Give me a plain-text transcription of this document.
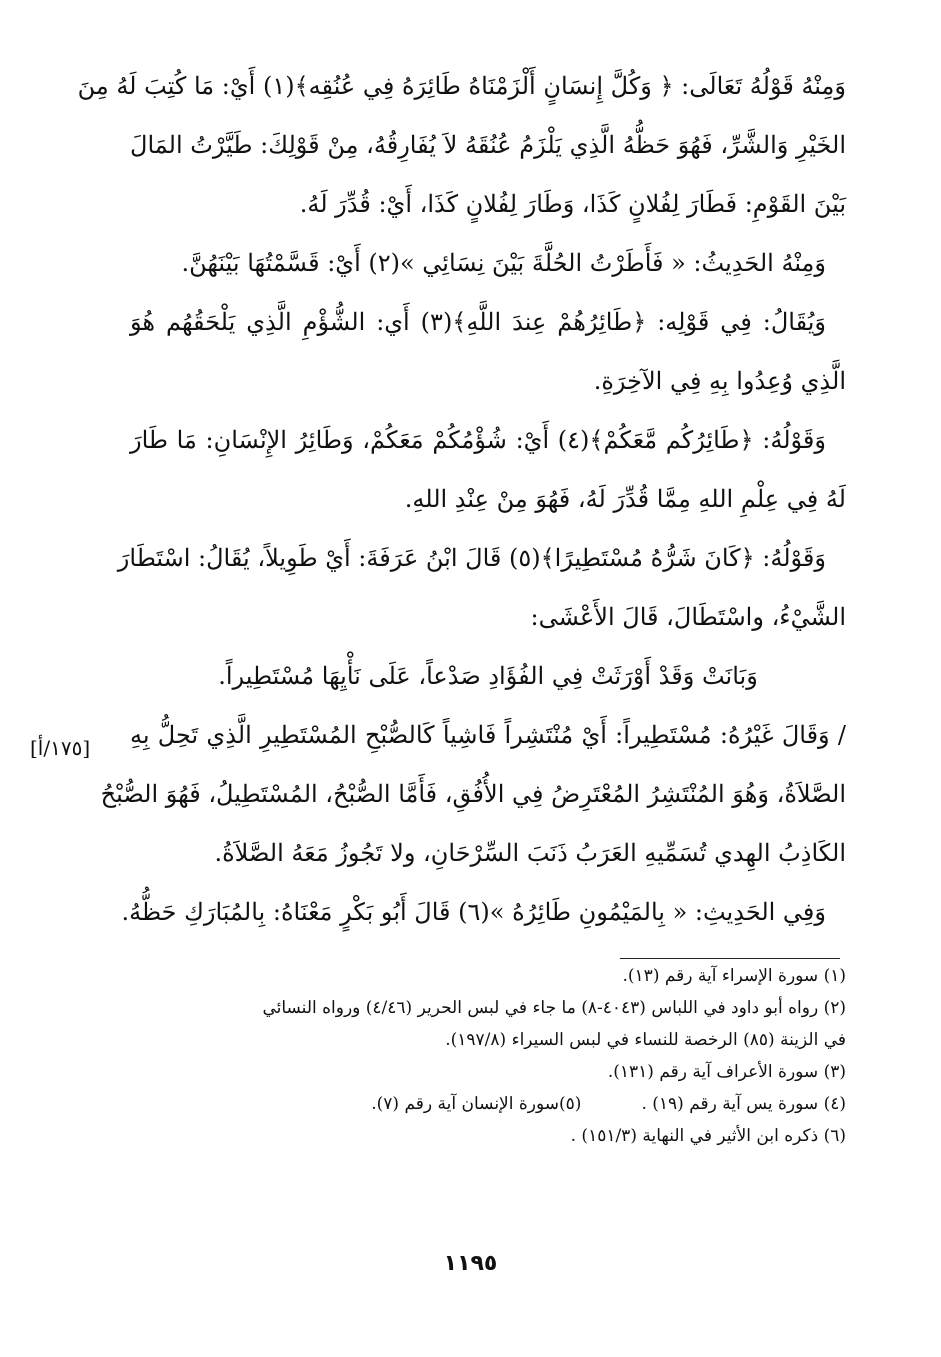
وَمِنْهُ قَوْلُهُ تَعَالَى: ﴿ وَكُلَّ إِنسَانٍ أَلْزَمْنَاهُ طَائِرَهُ فِي عُنُقِه﴾(١) أَيْ: مَا كُتِبَ لَهُ مِنَ
الخَيْرِ وَالشَّرِّ، فَهُوَ حَظُّهُ الَّذِي يَلْزَمُ عُنُقَهُ لاَ يُفَارِقُهُ، مِنْ قَوْلِكَ: طَيَّرْتُ المَالَ
بَيْنَ القَوْمِ: فَطَارَ لِفُلانٍ كَذَا، وَطَارَ لِفُلانٍ كَذَا، أَيْ: قُدِّرَ لَهُ.
وَمِنْهُ الحَدِيثُ: « فَأَطَرْتُ الحُلَّةَ بَيْنَ نِسَائِي »(٢) أَيْ: قَسَّمْتُهَا بَيْنَهُنَّ.
وَيُقَالُ: فِي قَوْلِه: ﴿طَائِرُهُمْ عِندَ اللَّهِ﴾(٣) أَي: الشُّؤْمِ الَّذِي يَلْحَقُهُم هُوَ
الَّذِي وُعِدُوا بِهِ فِي الآخِرَةِ.
وَقَوْلُهُ: ﴿طَائِرُكُم مَّعَكُمْ﴾(٤) أَيْ: شُؤْمُكُمْ مَعَكُمْ، وَطَائِرُ الإِنْسَانِ: مَا طَارَ
لَهُ فِي عِلْمِ اللهِ مِمَّا قُدِّرَ لَهُ، فَهُوَ مِنْ عِنْدِ اللهِ.
وَقَوْلُهُ: ﴿كَانَ شَرُّهُ مُسْتَطِيرًا﴾(٥) قَالَ ابْنُ عَرَفَةَ: أَيْ طَوِيلاً، يُقَالُ: اسْتَطَارَ
الشَّيْءُ، واسْتَطَالَ، قَالَ الأَعْشَى:
وَبَانَتْ وَقَدْ أَوْرَثَتْ فِي الفُؤَادِ صَدْعاً، عَلَى نَأْيِهَا مُسْتَطِيراً.
/ وَقَالَ غَيْرُهُ: مُسْتَطِيراً: أَيْ مُنْتَشِراً فَاشِياً كَالصُّبْحِ المُسْتَطِيرِ الَّذِي تَحِلُّ بِهِ
الصَّلاَةُ، وَهُوَ المُنْتَشِرُ المُعْتَرِضُ فِي الأُفُقِ، فَأَمَّا الصُّبْحُ، المُسْتَطِيلُ، فَهُوَ الصُّبْحُ
الكَاذِبُ الهِدي تُسَمِّيهِ العَرَبُ ذَنَبَ السِّرْحَانِ، ولا تَجُوزُ مَعَهُ الصَّلاَةُ.
وَفِي الحَدِيثِ: « بِالمَيْمُونِ طَائِرُهُ »(٦) قَالَ أَبُو بَكْرٍ مَعْنَاهُ: بِالمُبَارَكِ حَظُّهُ.
[١٧٥/أ]
(١) سورة الإسراء آية رقم (١٣).
(٢) رواه أبو داود في اللباس (٤٠٤٣-٨) ما جاء في لبس الحرير (٤/٤٦) ورواه النسائي
في الزينة (٨٥) الرخصة للنساء في لبس السيراء (١٩٧/٨).
(٣) سورة الأعراف آية رقم (١٣١).
(٤) سورة يس آية رقم (١٩) .
(٥)سورة الإنسان آية رقم (٧).
(٦) ذكره ابن الأثير في النهاية (١٥١/٣) .
١١٩٥
